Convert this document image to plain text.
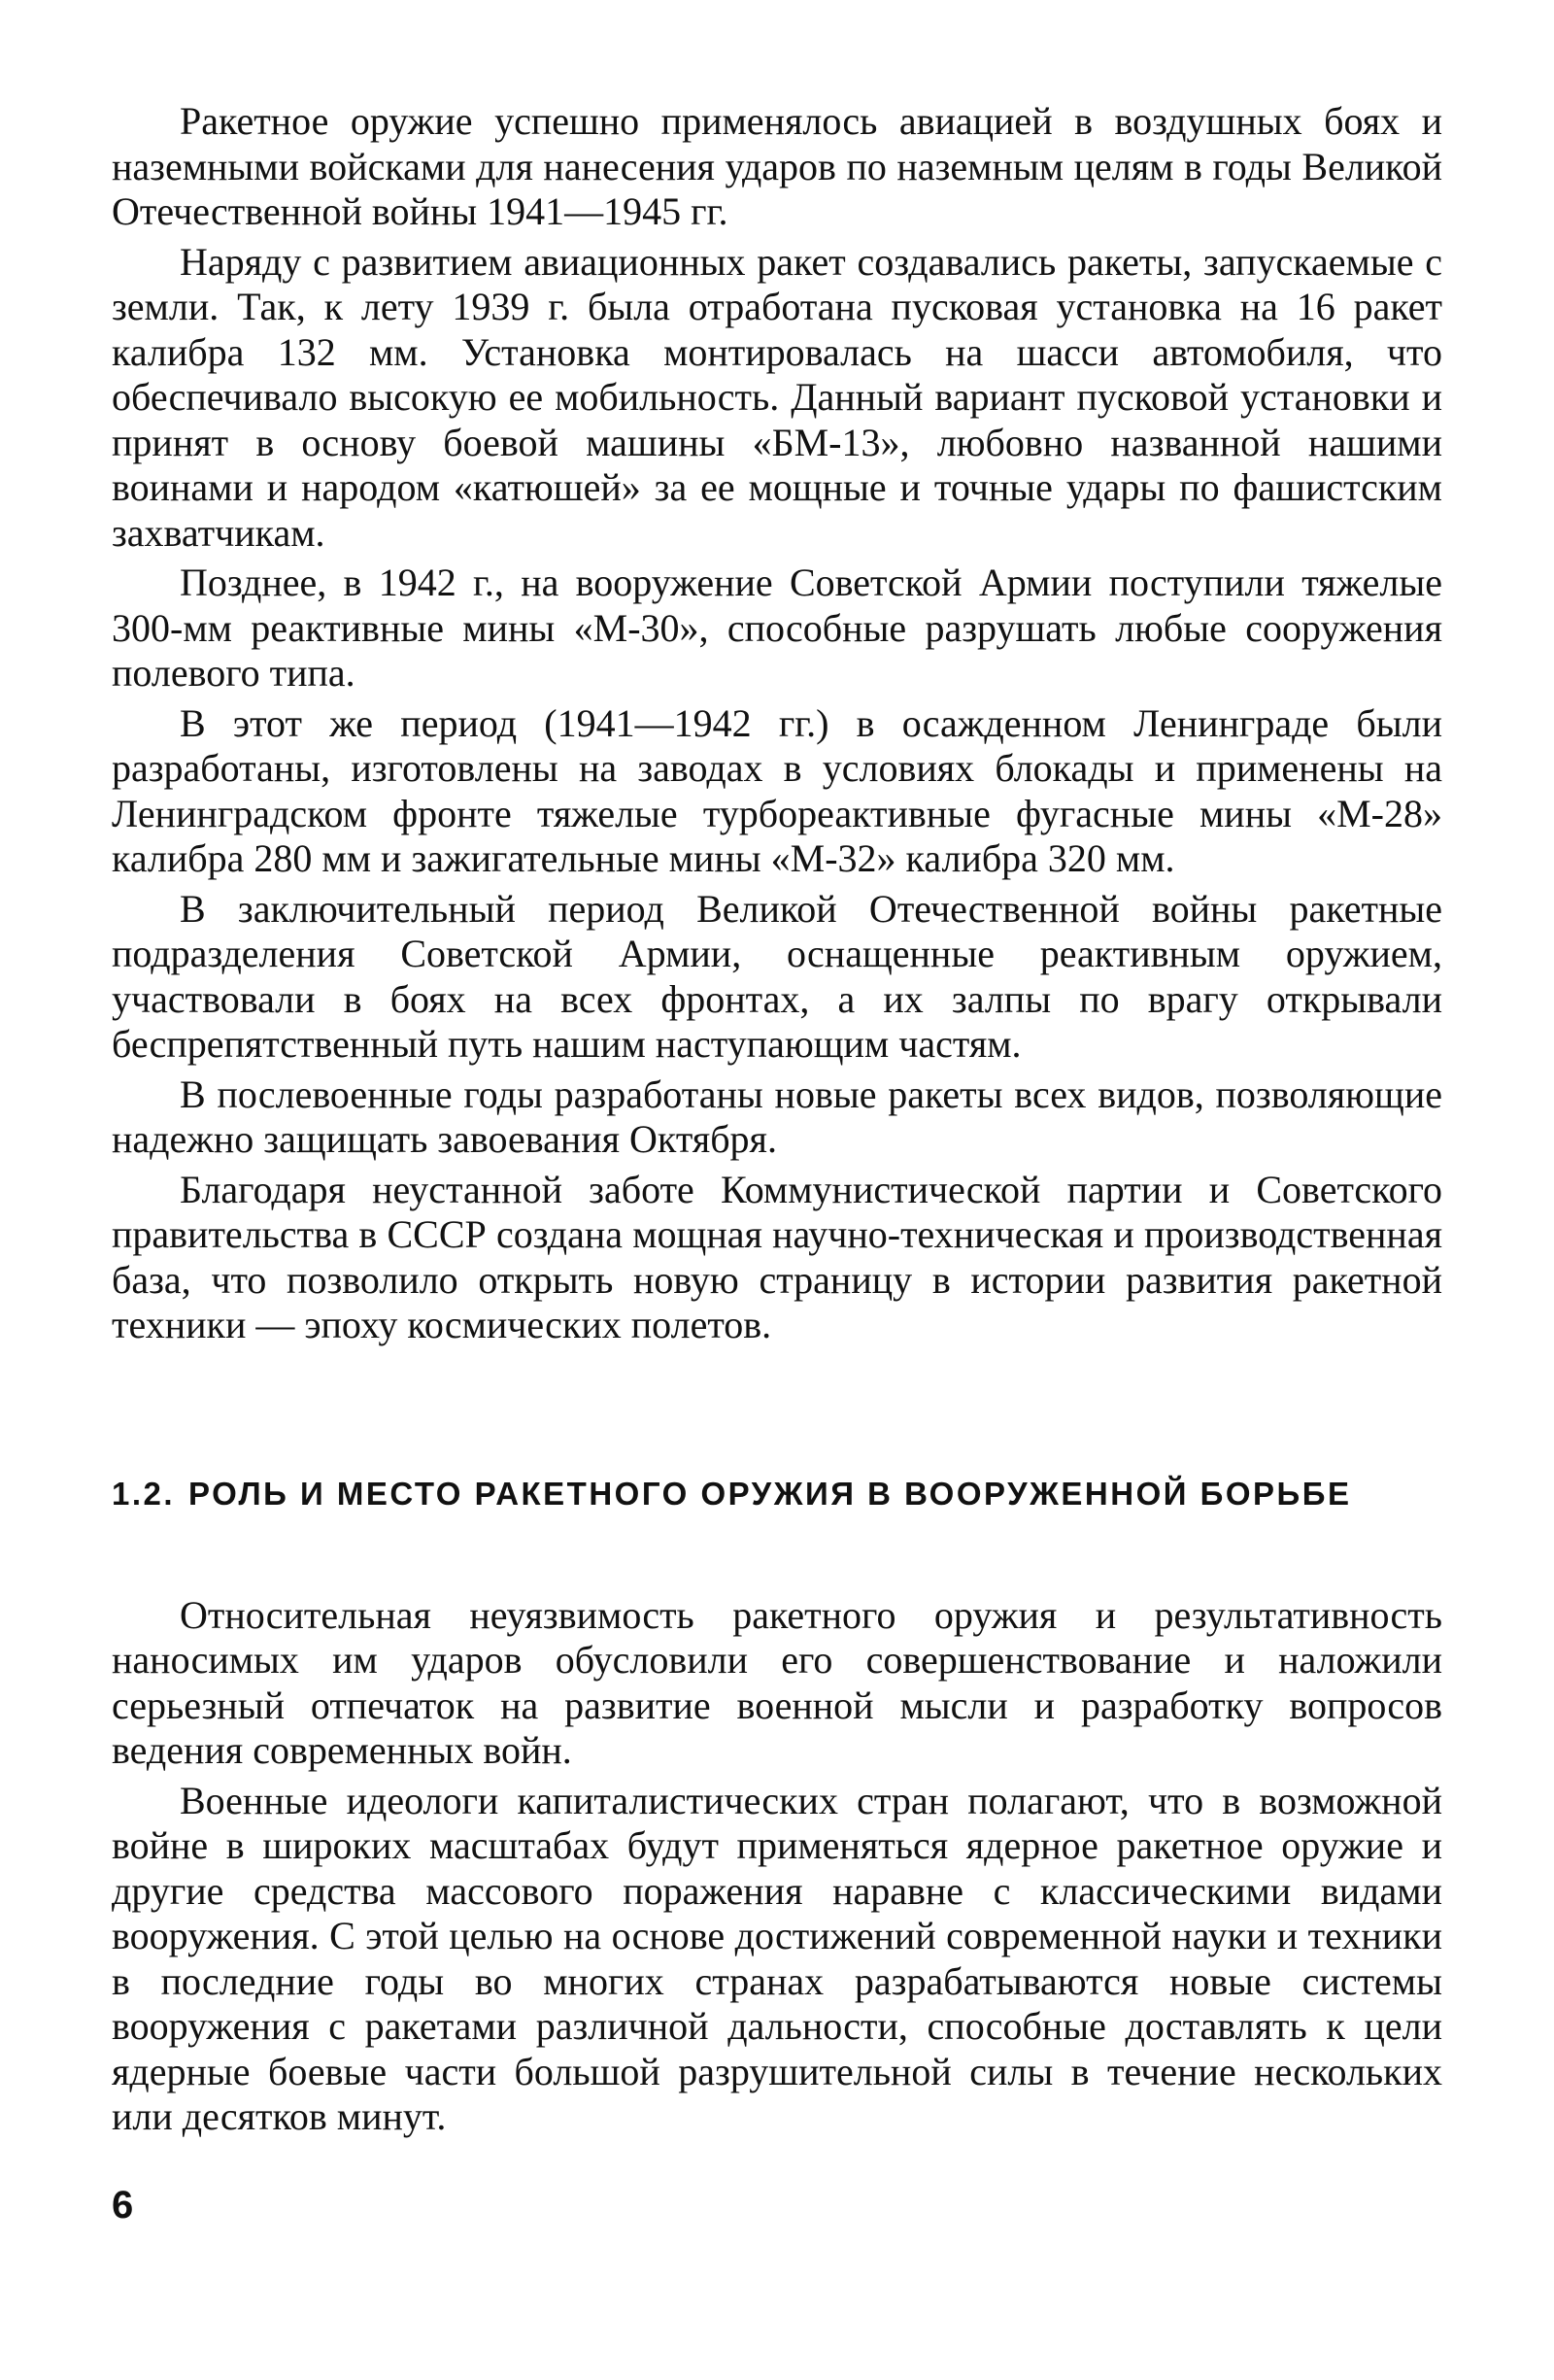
Ракетное оружие успешно применялось авиацией в воздушных боях и наземными войсками для нанесения ударов по наземным целям в годы Великой Отечественной войны 1941—1945 гг.

Наряду с развитием авиационных ракет создавались ракеты, запускаемые с земли. Так, к лету 1939 г. была отработана пусковая установка на 16 ракет калибра 132 мм. Установка монтировалась на шасси автомобиля, что обеспечивало высокую ее мобильность. Данный вариант пусковой установки и принят в основу боевой машины «БМ-13», любовно названной нашими воинами и народом «катюшей» за ее мощные и точные удары по фашистским захватчикам.

Позднее, в 1942 г., на вооружение Советской Армии поступили тяжелые 300-мм реактивные мины «М-30», способные разрушать любые сооружения полевого типа.

В этот же период (1941—1942 гг.) в осажденном Ленинграде были разработаны, изготовлены на заводах в условиях блокады и применены на Ленинградском фронте тяжелые турбореактивные фугасные мины «М-28» калибра 280 мм и зажигательные мины «М-32» калибра 320 мм.

В заключительный период Великой Отечественной войны ракетные подразделения Советской Армии, оснащенные реактивным оружием, участвовали в боях на всех фронтах, а их залпы по врагу открывали беспрепятственный путь нашим наступающим частям.

В послевоенные годы разработаны новые ракеты всех видов, позволяющие надежно защищать завоевания Октября.

Благодаря неустанной заботе Коммунистической партии и Советского правительства в СССР создана мощная научно-техническая и производственная база, что позволило открыть новую страницу в истории развития ракетной техники — эпоху космических полетов.

1.2. РОЛЬ И МЕСТО РАКЕТНОГО ОРУЖИЯ В ВООРУЖЕННОЙ БОРЬБЕ

Относительная неуязвимость ракетного оружия и результативность наносимых им ударов обусловили его совершенствование и наложили серьезный отпечаток на развитие военной мысли и разработку вопросов ведения современных войн.

Военные идеологи капиталистических стран полагают, что в возможной войне в широких масштабах будут применяться ядерное ракетное оружие и другие средства массового поражения наравне с классическими видами вооружения. С этой целью на основе достижений современной науки и техники в последние годы во многих странах разрабатываются новые системы вооружения с ракетами различной дальности, способные доставлять к цели ядерные боевые части большой разрушительной силы в течение нескольких или десятков минут.

6
